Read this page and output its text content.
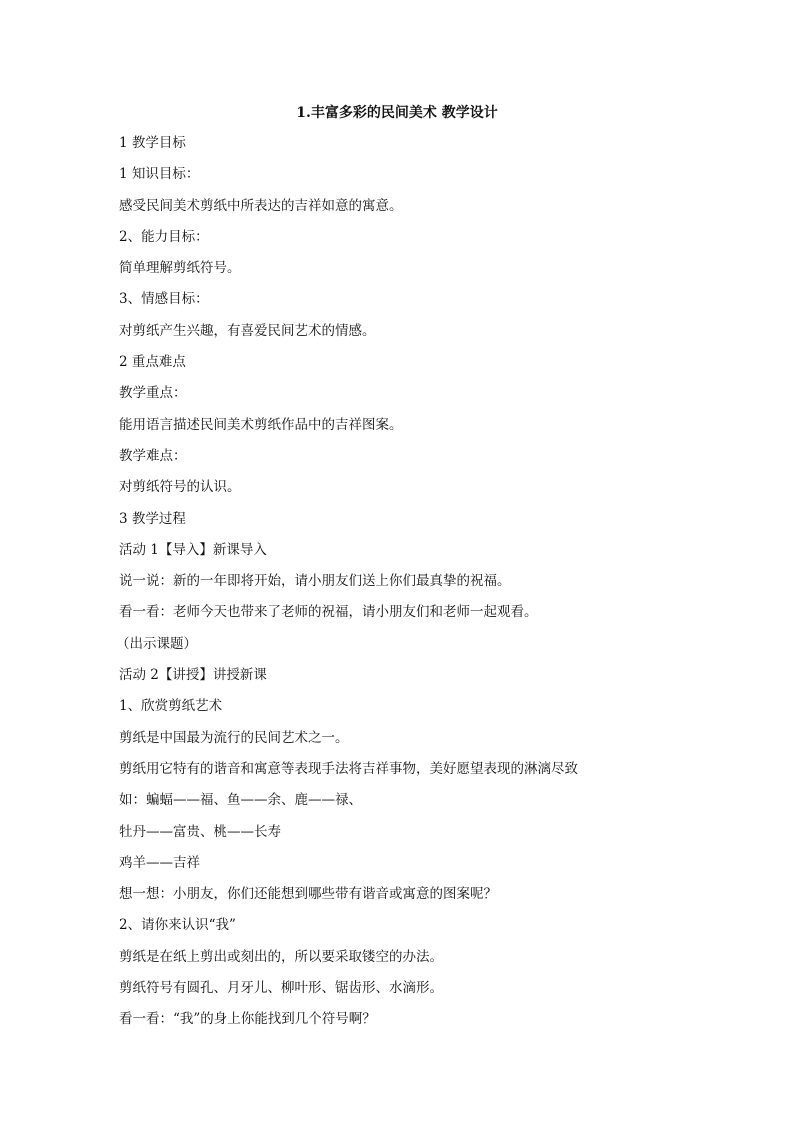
1.丰富多彩的民间美术 教学设计
1 教学目标
1 知识目标：
感受民间美术剪纸中所表达的吉祥如意的寓意。
2、能力目标：
简单理解剪纸符号。
3、情感目标：
对剪纸产生兴趣，有喜爱民间艺术的情感。
2 重点难点
教学重点：
能用语言描述民间美术剪纸作品中的吉祥图案。
教学难点：
对剪纸符号的认识。
3 教学过程
活动 1【导入】新课导入
说一说：新的一年即将开始，请小朋友们送上你们最真挚的祝福。
看一看：老师今天也带来了老师的祝福，请小朋友们和老师一起观看。
（出示课题）
活动 2【讲授】讲授新课
1、欣赏剪纸艺术
剪纸是中国最为流行的民间艺术之一。
剪纸用它特有的谐音和寓意等表现手法将吉祥事物，美好愿望表现的淋漓尽致
如：蝙蝠——福、鱼——余、鹿——禄、
牡丹——富贵、桃——长寿
鸡羊——吉祥
想一想：小朋友，你们还能想到哪些带有谐音或寓意的图案呢？
2、请你来认识“我”
剪纸是在纸上剪出或刻出的，所以要采取镂空的办法。
剪纸符号有圆孔、月牙儿、柳叶形、锯齿形、水滴形。
看一看：“我”的身上你能找到几个符号啊？
